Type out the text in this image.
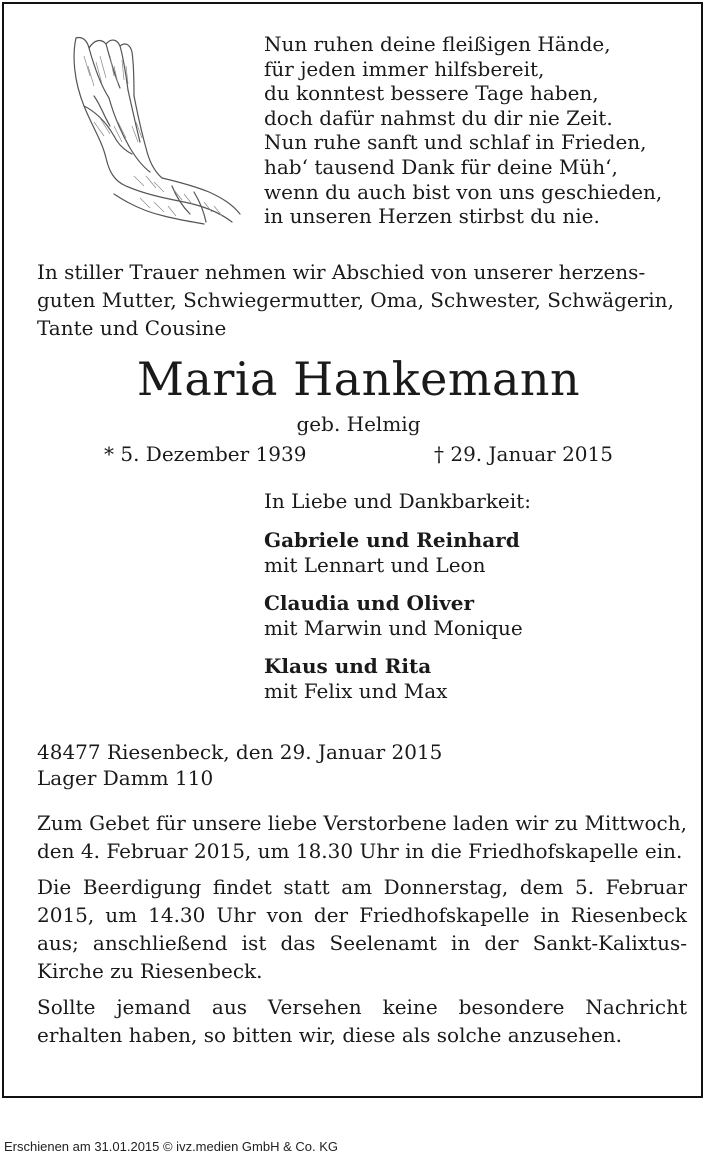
Nun ruhen deine fleißigen Hände,
für jeden immer hilfsbereit,
du konntest bessere Tage haben,
doch dafür nahmst du dir nie Zeit.
Nun ruhe sanft und schlaf in Frieden,
hab‘ tausend Dank für deine Müh‘,
wenn du auch bist von uns geschieden,
in unseren Herzen stirbst du nie.
In stiller Trauer nehmen wir Abschied von unserer herzens-
guten Mutter, Schwiegermutter, Oma, Schwester, Schwägerin,
Tante und Cousine
Maria Hankemann
geb. Helmig
* 5. Dezember 1939	† 29. Januar 2015
In Liebe und Dankbarkeit:
Gabriele und Reinhard
mit Lennart und Leon
Claudia und Oliver
mit Marwin und Monique
Klaus und Rita
mit Felix und Max
48477 Riesenbeck, den 29. Januar 2015
Lager Damm 110

Zum Gebet für unsere liebe Verstorbene laden wir zu Mittwoch, den 4. Februar 2015, um 18.30 Uhr in die Friedhofskapelle ein.

Die Beerdigung findet statt am Donnerstag, dem 5. Februar 2015, um 14.30 Uhr von der Friedhofskapelle in Riesenbeck aus; anschließend ist das Seelenamt in der Sankt-Kalixtus-Kirche zu Riesenbeck.

Sollte jemand aus Versehen keine besondere Nachricht erhalten haben, so bitten wir, diese als solche anzusehen.

Erschienen am 31.01.2015 © ivz.medien GmbH & Co. KG
